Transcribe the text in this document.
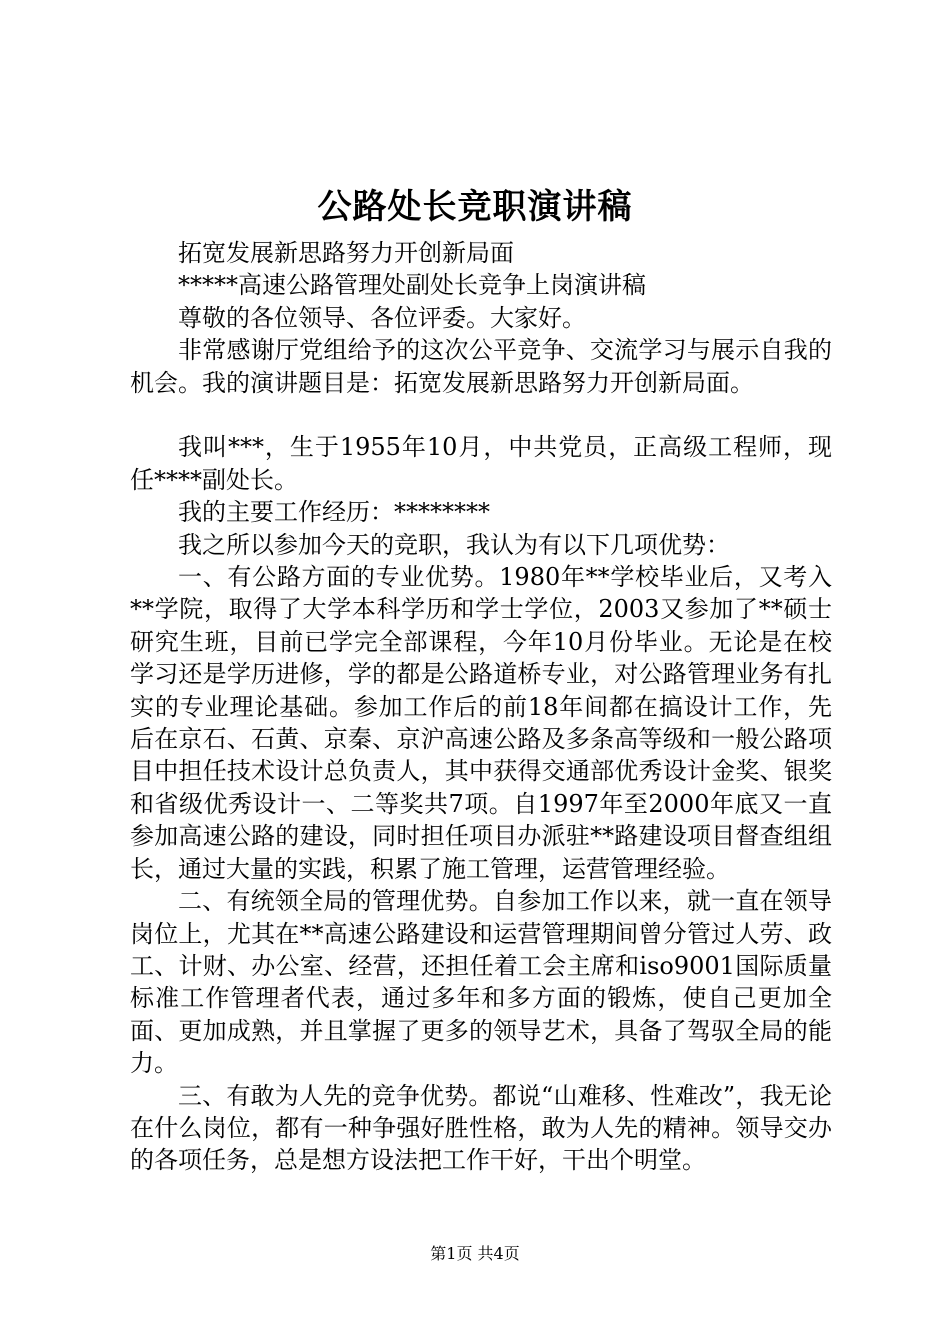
公路处长竞职演讲稿

拓宽发展新思路努力开创新局面

*****高速公路管理处副处长竞争上岗演讲稿

尊敬的各位领导、各位评委。大家好。

非常感谢厅党组给予的这次公平竞争、交流学习与展示自我的机会。我的演讲题目是：拓宽发展新思路努力开创新局面。

我叫***，生于1955年10月，中共党员，正高级工程师，现任****副处长。

我的主要工作经历：********

我之所以参加今天的竞职，我认为有以下几项优势：

一、有公路方面的专业优势。1980年**学校毕业后，又考入**学院，取得了大学本科学历和学士学位，2003又参加了**硕士研究生班，目前已学完全部课程，今年10月份毕业。无论是在校学习还是学历进修，学的都是公路道桥专业，对公路管理业务有扎实的专业理论基础。参加工作后的前18年间都在搞设计工作，先后在京石、石黄、京秦、京沪高速公路及多条高等级和一般公路项目中担任技术设计总负责人，其中获得交通部优秀设计金奖、银奖和省级优秀设计一、二等奖共7项。自1997年至2000年底又一直参加高速公路的建设，同时担任项目办派驻**路建设项目督查组组长，通过大量的实践，积累了施工管理，运营管理经验。

二、有统领全局的管理优势。自参加工作以来，就一直在领导岗位上，尤其在**高速公路建设和运营管理期间曾分管过人劳、政工、计财、办公室、经营，还担任着工会主席和iso9001国际质量标准工作管理者代表，通过多年和多方面的锻炼，使自己更加全面、更加成熟，并且掌握了更多的领导艺术，具备了驾驭全局的能力。

三、有敢为人先的竞争优势。都说“山难移、性难改”，我无论在什么岗位，都有一种争强好胜性格，敢为人先的精神。领导交办的各项任务，总是想方设法把工作干好，干出个明堂。

第1页 共4页
